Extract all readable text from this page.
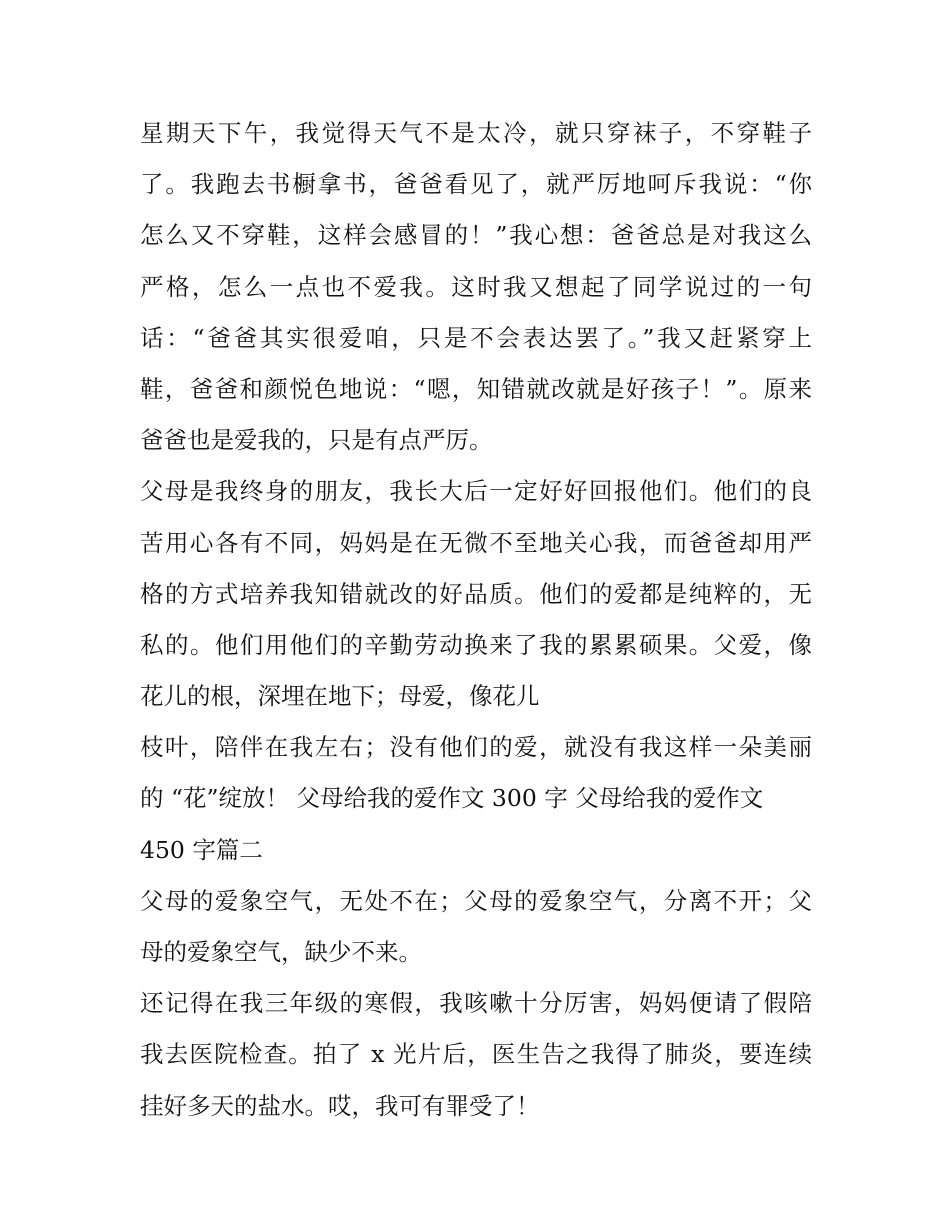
星期天下午，我觉得天气不是太冷，就只穿袜子，不穿鞋子
了。我跑去书橱拿书，爸爸看见了，就严厉地呵斥我说：“你
怎么又不穿鞋，这样会感冒的！”我心想：爸爸总是对我这么
严格，怎么一点也不爱我。这时我又想起了同学说过的一句
话：“爸爸其实很爱咱，只是不会表达罢了。”我又赶紧穿上
鞋，爸爸和颜悦色地说：“嗯，知错就改就是好孩子！”。原来
爸爸也是爱我的，只是有点严厉。
父母是我终身的朋友，我长大后一定好好回报他们。他们的良
苦用心各有不同，妈妈是在无微不至地关心我，而爸爸却用严
格的方式培养我知错就改的好品质。他们的爱都是纯粹的，无
私的。他们用他们的辛勤劳动换来了我的累累硕果。父爱，像
花儿的根，深埋在地下；母爱，像花儿
枝叶，陪伴在我左右；没有他们的爱，就没有我这样一朵美丽
的 “花”绽放！ 父母给我的爱作文 300 字 父母给我的爱作文
450 字篇二
父母的爱象空气，无处不在；父母的爱象空气，分离不开；父
母的爱象空气，缺少不来。
还记得在我三年级的寒假，我咳嗽十分厉害，妈妈便请了假陪
我去医院检查。拍了 x 光片后，医生告之我得了肺炎，要连续
挂好多天的盐水。哎，我可有罪受了！
